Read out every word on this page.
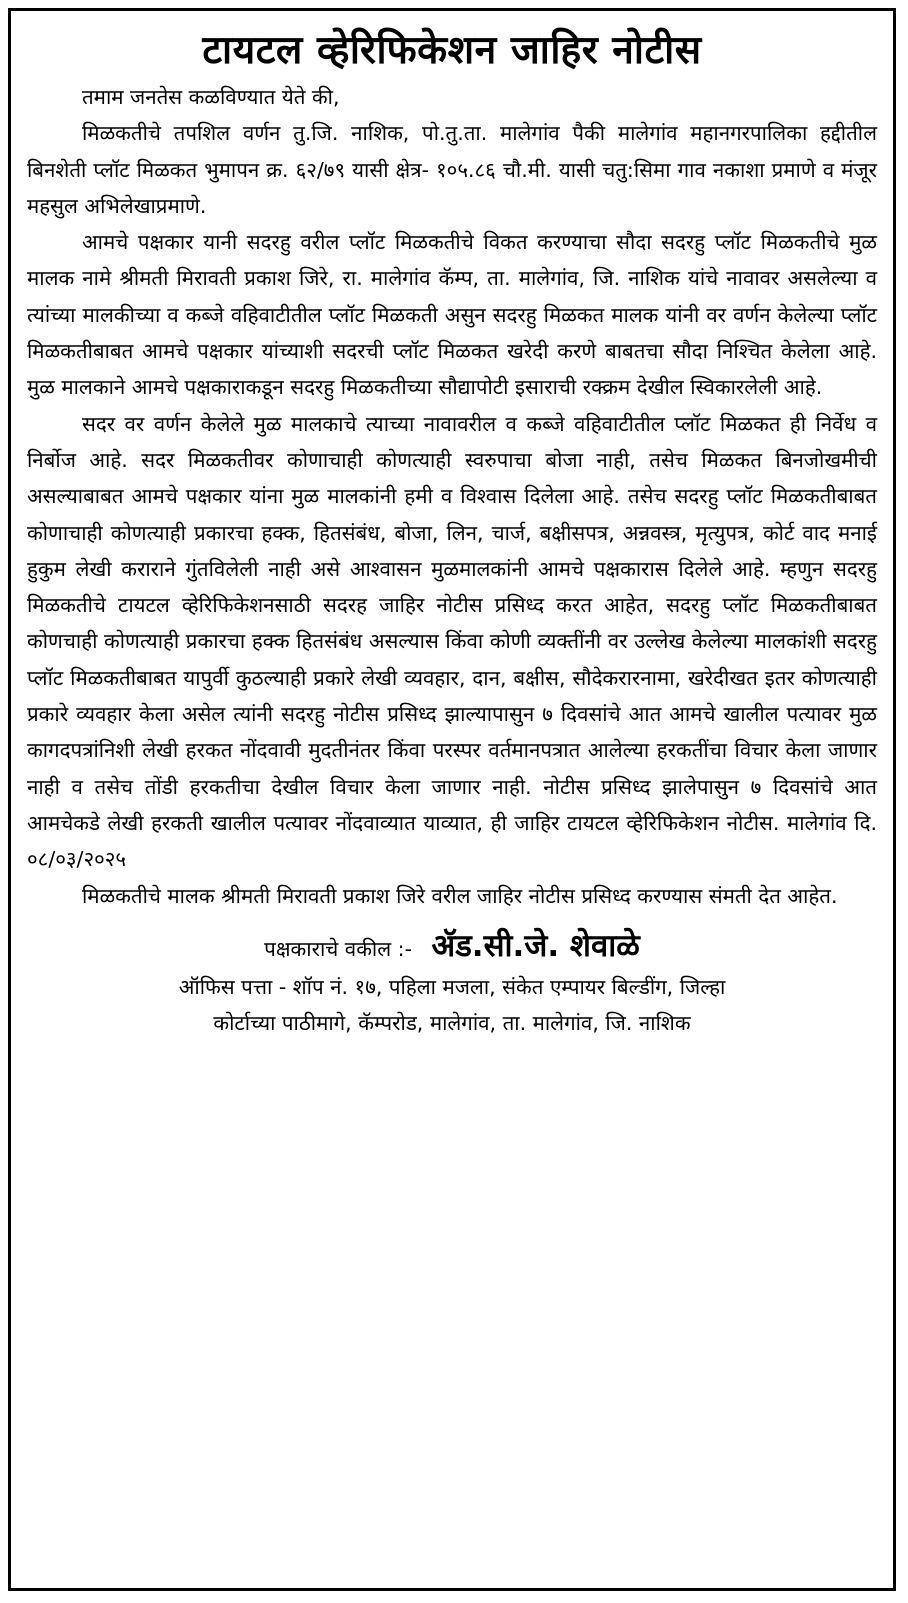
टायटल व्हेरिफिकेशन जाहिर नोटीस

तमाम जनतेस कळविण्यात येते की,

मिळकतीचे तपशिल वर्णन तु.जि. नाशिक, पो.तु.ता. मालेगांव पैकी मालेगांव महानगरपालिका हद्दीतील बिनशेती प्लॉट मिळकत भुमापन क्र. ६२/७९ यासी क्षेत्र- १०५.८६ चौ.मी. यासी चतु:सिमा गाव नकाशा प्रमाणे व मंजूर महसुल अभिलेखाप्रमाणे.

आमचे पक्षकार यानी सदरहु वरील प्लॉट मिळकतीचे विकत करण्याचा सौदा सदरहु प्लॉट मिळकतीचे मुळ मालक नामे श्रीमती मिरावती प्रकाश जिरे, रा. मालेगांव कॅम्प, ता. मालेगांव, जि. नाशिक यांचे नावावर असलेल्या व त्यांच्या मालकीच्या व कब्जे वहिवाटीतील प्लॉट मिळकती असुन सदरहु मिळकत मालक यांनी वर वर्णन केलेल्या प्लॉट मिळकतीबाबत आमचे पक्षकार यांच्याशी सदरची प्लॉट मिळकत खरेदी करणे बाबतचा सौदा निश्चित केलेला आहे. मुळ मालकाने आमचे पक्षकाराकडून सदरहु मिळकतीच्या सौद्यापोटी इसाराची रक्क्रम देखील स्विकारलेली आहे.

सदर वर वर्णन केलेले मुळ मालकाचे त्याच्या नावावरील व कब्जे वहिवाटीतील प्लॉट मिळकत ही निर्वेध व निर्बोज आहे. सदर मिळकतीवर कोणाचाही कोणत्याही स्वरुपाचा बोजा नाही, तसेच मिळकत बिनजोखमीची असल्याबाबत आमचे पक्षकार यांना मुळ मालकांनी हमी व विश्वास दिलेला आहे. तसेच सदरहु प्लॉट मिळकतीबाबत कोणाचाही कोणत्याही प्रकारचा हक्क, हितसंबंध, बोजा, लिन, चार्ज, बक्षीसपत्र, अन्नवस्त्र, मृत्युपत्र, कोर्ट वाद मनाई हुकुम लेखी कराराने गुंतविलेली नाही असे आश्वासन मुळमालकांनी आमचे पक्षकारास दिलेले आहे. म्हणुन सदरहु मिळकतीचे टायटल व्हेरिफिकेशनसाठी सदरह जाहिर नोटीस प्रसिध्द करत आहेत, सदरहु प्लॉट मिळकतीबाबत कोणचाही कोणत्याही प्रकारचा हक्क हितसंबंध असल्यास किंवा कोणी व्यक्तींनी वर उल्लेख केलेल्या मालकांशी सदरहु प्लॉट मिळकतीबाबत यापुर्वी कुठल्याही प्रकारे लेखी व्यवहार, दान, बक्षीस, सौदेकरारनामा, खरेदीखत इतर कोणत्याही प्रकारे व्यवहार केला असेल त्यांनी सदरहु नोटीस प्रसिध्द झाल्यापासुन ७ दिवसांचे आत आमचे खालील पत्यावर मुळ कागदपत्रांनिशी लेखी हरकत नोंदवावी मुदतीनंतर किंवा परस्पर वर्तमानपत्रात आलेल्या हरकतींचा विचार केला जाणार नाही व तसेच तोंडी हरकतीचा देखील विचार केला जाणार नाही. नोटीस प्रसिध्द झालेपासुन ७ दिवसांचे आत आमचेकडे लेखी हरकती खालील पत्यावर नोंदवाव्यात याव्यात, ही जाहिर टायटल व्हेरिफिकेशन नोटीस. मालेगांव दि. ०८/०३/२०२५

मिळकतीचे मालक श्रीमती मिरावती प्रकाश जिरे वरील जाहिर नोटीस प्रसिध्द करण्यास संमती देत आहेत.

पक्षकाराचे वकील :- ॲड.सी.जे. शेवाळे
ऑफिस पत्ता - शॉप नं. १७, पहिला मजला, संकेत एम्पायर बिल्डींग, जिल्हा
कोर्टाच्या पाठीमागे, कॅम्परोड, मालेगांव, ता. मालेगांव, जि. नाशिक
